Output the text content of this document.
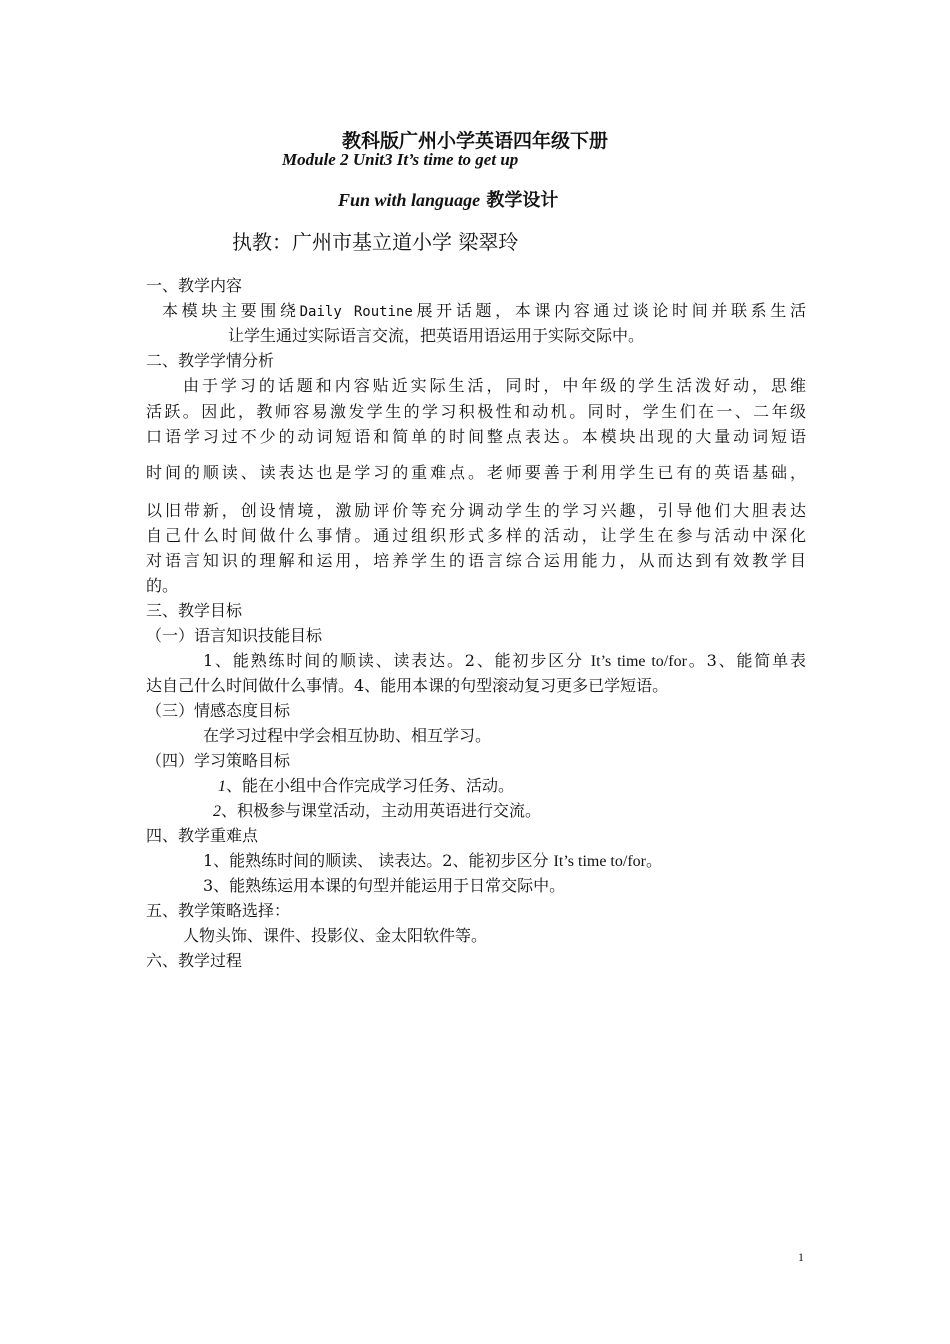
教科版广州小学英语四年级下册
Module 2 Unit3 It’s time to get up
Fun with language 教学设计
执教：广州市基立道小学 梁翠玲
一、教学内容
本模块主要围绕Daily Routine展开话题，本课内容通过谈论时间并联系生活
让学生通过实际语言交流，把英语用语运用于实际交际中。
二、教学学情分析
由于学习的话题和内容贴近实际生活，同时，中年级的学生活泼好动，思维
活跃。因此，教师容易激发学生的学习积极性和动机。同时，学生们在一、二年级
口语学习过不少的动词短语和简单的时间整点表达。本模块出现的大量动词短语
时间的顺读、读表达也是学习的重难点。老师要善于利用学生已有的英语基础，
以旧带新，创设情境，激励评价等充分调动学生的学习兴趣，引导他们大胆表达
自己什么时间做什么事情。通过组织形式多样的活动，让学生在参与活动中深化
对语言知识的理解和运用，培养学生的语言综合运用能力，从而达到有效教学目
的。
三、教学目标
（一）语言知识技能目标
1、能熟练时间的顺读、读表达。2、能初步区分 It’s time to/for。3、能简单表
达自己什么时间做什么事情。4、能用本课的句型滚动复习更多已学短语。
（三）情感态度目标
在学习过程中学会相互协助、相互学习。
（四）学习策略目标
1、能在小组中合作完成学习任务、活动。
2、积极参与课堂活动，主动用英语进行交流。
四、教学重难点
1、能熟练时间的顺读、 读表达。2、能初步区分 It’s time to/for。
3、能熟练运用本课的句型并能运用于日常交际中。
五、教学策略选择：
人物头饰、课件、投影仪、金太阳软件等。
六、教学过程
1
